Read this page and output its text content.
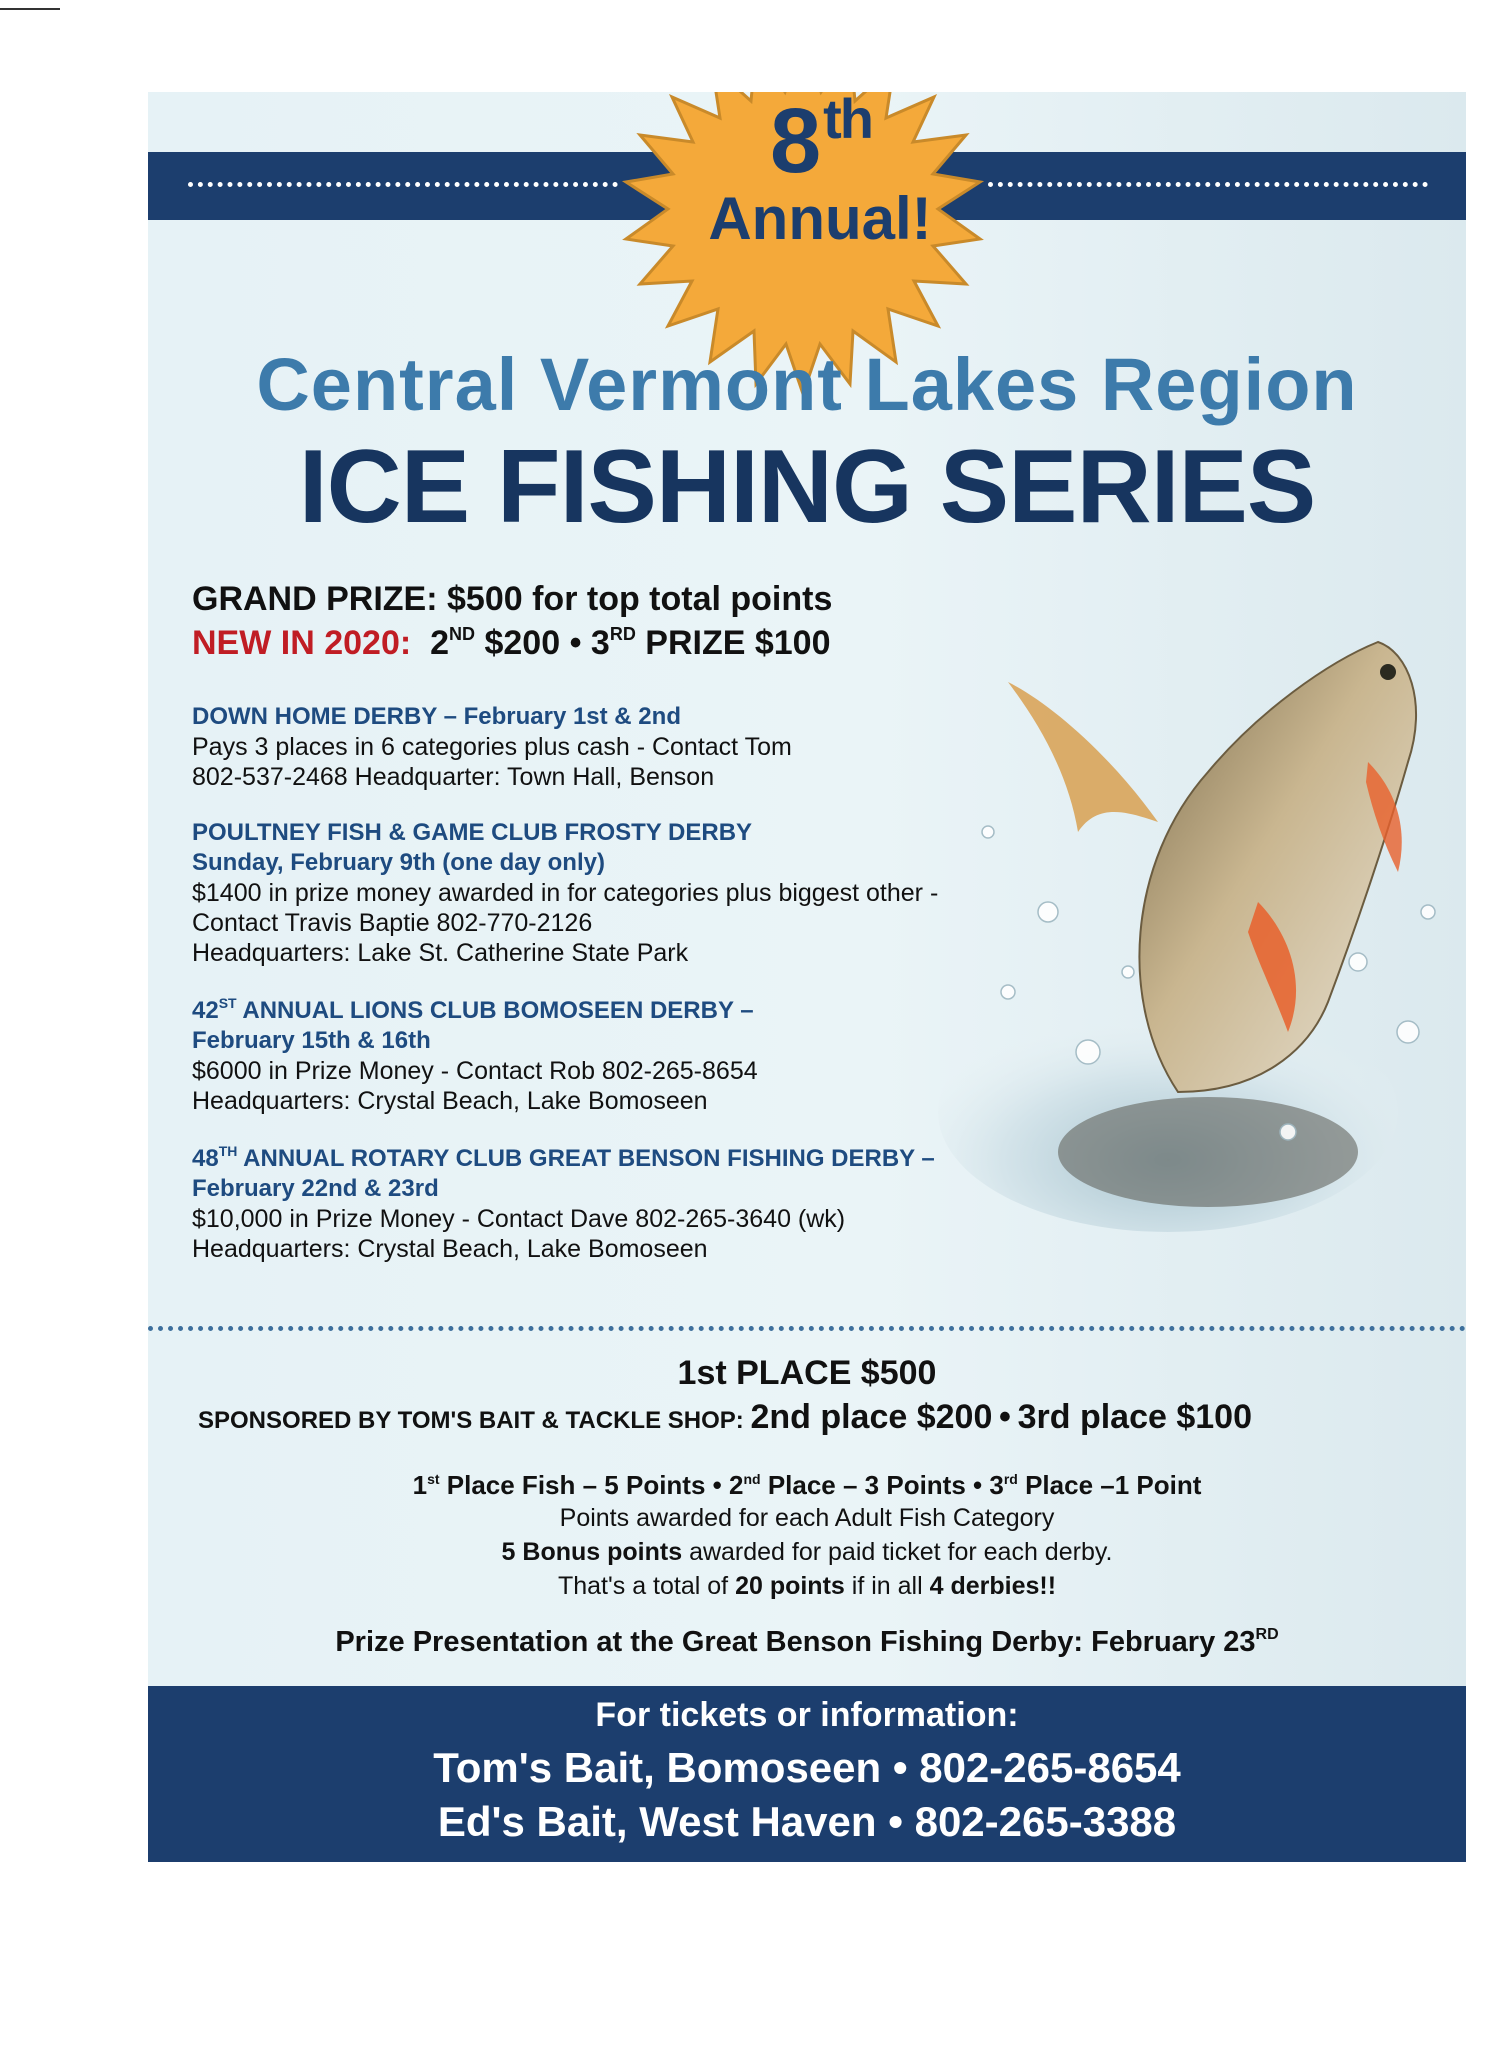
8th
Annual!
Central Vermont Lakes Region
ICE FISHING SERIES
GRAND PRIZE: $500 for top total points
NEW IN 2020: 2ND $200 • 3RD PRIZE $100
DOWN HOME DERBY – February 1st & 2nd
Pays 3 places in 6 categories plus cash - Contact Tom
802-537-2468 Headquarter: Town Hall, Benson
POULTNEY FISH & GAME CLUB FROSTY DERBY
Sunday, February 9th (one day only)
$1400 in prize money awarded in for categories plus biggest other -
Contact Travis Baptie 802-770-2126
Headquarters: Lake St. Catherine State Park
42ST ANNUAL LIONS CLUB BOMOSEEN DERBY –
February 15th & 16th
$6000 in Prize Money - Contact Rob 802-265-8654
Headquarters: Crystal Beach, Lake Bomoseen
48TH ANNUAL ROTARY CLUB GREAT BENSON FISHING DERBY –
February 22nd & 23rd
$10,000 in Prize Money - Contact Dave 802-265-3640 (wk)
Headquarters: Crystal Beach, Lake Bomoseen
1st PLACE $500
SPONSORED BY TOM'S BAIT & TACKLE SHOP: 2nd place $200 • 3rd place $100
1st Place Fish – 5 Points • 2nd Place – 3 Points • 3rd Place –1 Point
Points awarded for each Adult Fish Category
5 Bonus points awarded for paid ticket for each derby.
That's a total of 20 points if in all 4 derbies!!
Prize Presentation at the Great Benson Fishing Derby: February 23RD
For tickets or information:
Tom's Bait, Bomoseen • 802-265-8654
Ed's Bait, West Haven • 802-265-3388
